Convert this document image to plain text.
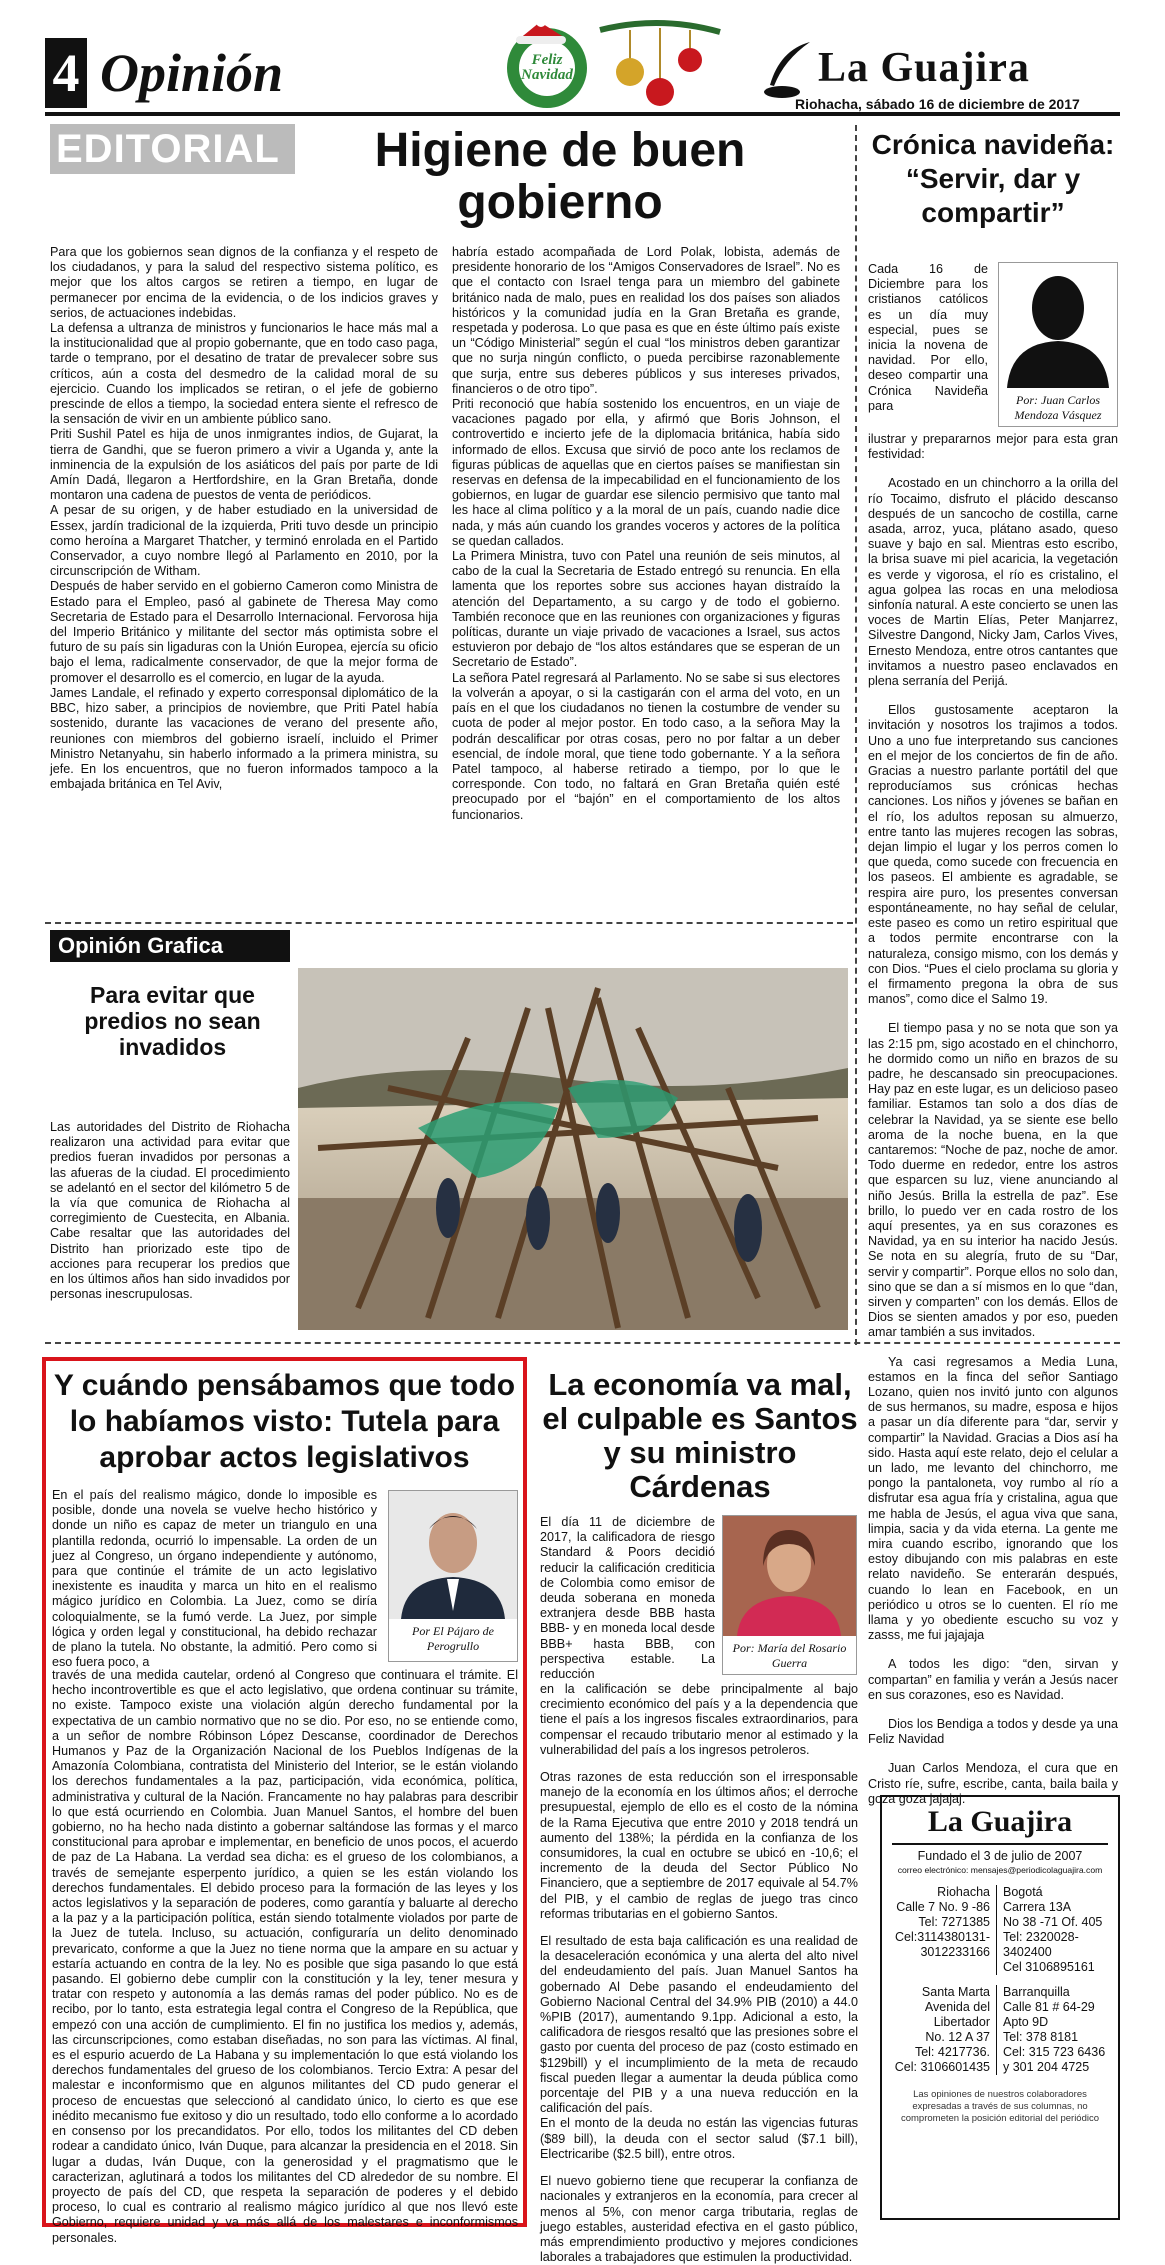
4 Opinión	Feliz Navidad	La Guajira
Riohacha, sábado 16 de diciembre de 2017
EDITORIAL	Higiene de buen gobierno

Para que los gobiernos sean dignos de la confianza y el respeto de los ciudadanos, y para la salud del respectivo sistema político, es mejor que los altos cargos se retiren a tiempo, en lugar de permanecer por encima de la evidencia, o de los indicios graves y serios, de actuaciones indebidas.

La defensa a ultranza de ministros y funcionarios le hace más mal a la institucionalidad que al propio gobernante, que en todo caso paga, tarde o temprano, por el desatino de tratar de prevalecer sobre sus críticos, aún a costa del desmedro de la calidad moral de su ejercicio. Cuando los implicados se retiran, o el jefe de gobierno prescinde de ellos a tiempo, la sociedad entera siente el refresco de la sensación de vivir en un ambiente público sano.

Priti Sushil Patel es hija de unos inmigrantes indios, de Gujarat, la tierra de Gandhi, que se fueron primero a vivir a Uganda y, ante la inminencia de la expulsión de los asiáticos del país por parte de Idi Amín Dadá, llegaron a Hertfordshire, en la Gran Bretaña, donde montaron una cadena de puestos de venta de periódicos.

A pesar de su origen, y de haber estudiado en la universidad de Essex, jardín tradicional de la izquierda, Priti tuvo desde un principio como heroína a Margaret Thatcher, y terminó enrolada en el Partido Conservador, a cuyo nombre llegó al Parlamento en 2010, por la circunscripción de Witham.

Después de haber servido en el gobierno Cameron como Ministra de Estado para el Empleo, pasó al gabinete de Theresa May como Secretaria de Estado para el Desarrollo Internacional. Fervorosa hija del Imperio Británico y militante del sector más optimista sobre el futuro de su país sin ligaduras con la Unión Europea, ejercía su oficio bajo el lema, radicalmente conservador, de que la mejor forma de promover el desarrollo es el comercio, en lugar de la ayuda.

James Landale, el refinado y experto corresponsal diplomático de la BBC, hizo saber, a principios de noviembre, que Priti Patel había sostenido, durante las vacaciones de verano del presente año, reuniones con miembros del gobierno israelí, incluido el Primer Ministro Netanyahu, sin haberlo informado a la primera ministra, su jefe. En los encuentros, que no fueron informados tampoco a la embajada británica en Tel Aviv,

habría estado acompañada de Lord Polak, lobista, además de presidente honorario de los “Amigos Conservadores de Israel”. No es que el contacto con Israel tenga para un miembro del gabinete británico nada de malo, pues en realidad los dos países son aliados históricos y la comunidad judía en la Gran Bretaña es grande, respetada y poderosa. Lo que pasa es que en éste último país existe un “Código Ministerial” según el cual “los ministros deben garantizar que no surja ningún conflicto, o pueda percibirse razonablemente que surja, entre sus deberes públicos y sus intereses privados, financieros o de otro tipo”.

Priti reconoció que había sostenido los encuentros, en un viaje de vacaciones pagado por ella, y afirmó que Boris Johnson, el controvertido e incierto jefe de la diplomacia británica, había sido informado de ellos. Excusa que sirvió de poco ante los reclamos de figuras públicas de aquellas que en ciertos países se manifiestan sin reservas en defensa de la impecabilidad en el funcionamiento de los gobiernos, en lugar de guardar ese silencio permisivo que tanto mal les hace al clima político y a la moral de un país, cuando nadie dice nada, y más aún cuando los grandes voceros y actores de la política se quedan callados.

La Primera Ministra, tuvo con Patel una reunión de seis minutos, al cabo de la cual la Secretaria de Estado entregó su renuncia. En ella lamenta que los reportes sobre sus acciones hayan distraído la atención del Departamento, a su cargo y de todo el gobierno. También reconoce que en las reuniones con organizaciones y figuras políticas, durante un viaje privado de vacaciones a Israel, sus actos estuvieron por debajo de “los altos estándares que se esperan de un Secretario de Estado”.

La señora Patel regresará al Parlamento. No se sabe si sus electores la volverán a apoyar, o si la castigarán con el arma del voto, en un país en el que los ciudadanos no tienen la costumbre de vender su cuota de poder al mejor postor. En todo caso, a la señora May la podrán descalificar por otras cosas, pero no por faltar a un deber esencial, de índole moral, que tiene todo gobernante. Y a la señora Patel tampoco, al haberse retirado a tiempo, por lo que le corresponde. Con todo, no faltará en Gran Bretaña quién esté preocupado por el “bajón” en el comportamiento de los altos funcionarios.

Crónica navideña: “Servir, dar y compartir”

Cada 16 de Diciembre para los cristianos católicos es un día muy especial, pues se inicia la novena de navidad. Por ello, deseo compartir una Crónica Navideña para	Por: Juan Carlos Mendoza Vásquez

ilustrar y prepararnos mejor para esta gran festividad:

Acostado en un chinchorro a la orilla del río Tocaimo, disfruto el plácido descanso después de un sancocho de costilla, carne asada, arroz, yuca, plátano asado, queso suave y bajo en sal. Mientras esto escribo, la brisa suave mi piel acaricia, la vegetación es verde y vigorosa, el río es cristalino, el agua golpea las rocas en una melodiosa sinfonía natural. A este concierto se unen las voces de Martin Elías, Peter Manjarrez, Silvestre Dangond, Nicky Jam, Carlos Vives, Ernesto Mendoza, entre otros cantantes que invitamos a nuestro paseo enclavados en plena serranía del Perijá.

Ellos gustosamente aceptaron la invitación y nosotros los trajimos a todos. Uno a uno fue interpretando sus canciones en el mejor de los conciertos de fin de año. Gracias a nuestro parlante portátil del que reproducíamos sus crónicas hechas canciones. Los niños y jóvenes se bañan en el río, los adultos reposan su almuerzo, entre tanto las mujeres recogen las sobras, dejan limpio el lugar y los perros comen lo que queda, como sucede con frecuencia en los paseos. El ambiente es agradable, se respira aire puro, los presentes conversan espontáneamente, no hay señal de celular, este paseo es como un retiro espiritual que a todos permite encontrarse con la naturaleza, consigo mismo, con los demás y con Dios. “Pues el cielo proclama su gloria y el firmamento pregona la obra de sus manos”, como dice el Salmo 19.

El tiempo pasa y no se nota que son ya las 2:15 pm, sigo acostado en el chinchorro, he dormido como un niño en brazos de su padre, he descansado sin preocupaciones. Hay paz en este lugar, es un delicioso paseo familiar. Estamos tan solo a dos días de celebrar la Navidad, ya se siente ese bello aroma de la noche buena, en la que cantaremos: “Noche de paz, noche de amor. Todo duerme en rededor, entre los astros que esparcen su luz, viene anunciando al niño Jesús. Brilla la estrella de paz”. Ese brillo, lo puedo ver en cada rostro de los aquí presentes, ya en sus corazones es Navidad, ya en su interior ha nacido Jesús. Se nota en su alegría, fruto de su “Dar, servir y compartir”. Porque ellos no solo dan, sino que se dan a sí mismos en lo que “dan, sirven y comparten” con los demás. Ellos de Dios se sienten amados y por eso, pueden amar también a sus invitados.

Ya casi regresamos a Media Luna, estamos en la finca del señor Santiago Lozano, quien nos invitó junto con algunos de sus hermanos, su madre, esposa e hijos a pasar un día diferente para “dar, servir y compartir” la Navidad. Gracias a Dios así ha sido. Hasta aquí este relato, dejo el celular a un lado, me levanto del chinchorro, me pongo la pantaloneta, voy rumbo al río a disfrutar esa agua fría y cristalina, agua que me habla de Jesús, el agua viva que sana, limpia, sacia y da vida eterna. La gente me mira cuando escribo, ignorando que los estoy dibujando con mis palabras en este relato navideño. Se enterarán después, cuando lo lean en Facebook, en un periódico u otros se lo cuenten. El río me llama y yo obediente escucho su voz y zasss, me fui jajajaja

A todos les digo: “den, sirvan y compartan” en familia y verán a Jesús nacer en sus corazones, eso es Navidad.

Dios los Bendiga a todos y desde ya una Feliz Navidad

Juan Carlos Mendoza, el cura que en Cristo ríe, sufre, escribe, canta, baila baila y goza goza jajajaj.

Opinión Grafica
Para evitar que predios no sean invadidos

Las autoridades del Distrito de Riohacha realizaron una actividad para evitar que predios fueran invadidos por personas a las afueras de la ciudad. El procedimiento se adelantó en el sector del kilómetro 5 de la vía que comunica de Riohacha al corregimiento de Cuestecita, en Albania. Cabe resaltar que las autoridades del Distrito han priorizado este tipo de acciones para recuperar los predios que en los últimos años han sido invadidos por personas inescrupulosas.

Y cuándo pensábamos que todo lo habíamos visto: Tutela para aprobar actos legislativos

En el país del realismo mágico, donde lo imposible es posible, donde una novela se vuelve hecho histórico y donde un niño es capaz de meter un triangulo en una plantilla redonda, ocurrió lo impensable. La orden de un juez al Congreso, un órgano independiente y autónomo, para que continúe el trámite de un acto legislativo inexistente es inaudita y marca un hito en el realismo mágico jurídico en Colombia. La Juez, como se diría coloquialmente, se la fumó verde. La Juez, por simple lógica y orden legal y constitucional, ha debido rechazar de plano la tutela. No obstante, la admitió. Pero como si eso fuera poco, a

Por El Pájaro de Perogrullo

través de una medida cautelar, ordenó al Congreso que continuara el trámite. El hecho incontrovertible es que el acto legislativo, que ordena continuar su trámite, no existe. Tampoco existe una violación algún derecho fundamental por la expectativa de un cambio normativo que no se dio. Por eso, no se entiende como, a un señor de nombre Róbinson López Descanse, coordinador de Derechos Humanos y Paz de la Organización Nacional de los Pueblos Indígenas de la Amazonía Colombiana, contratista del Ministerio del Interior, se le están violando los derechos fundamentales a la paz, participación, vida económica, política, administrativa y cultural de la Nación. Francamente no hay palabras para describir lo que está ocurriendo en Colombia. Juan Manuel Santos, el hombre del buen gobierno, no ha hecho nada distinto a gobernar saltándose las formas y el marco constitucional para aprobar e implementar, en beneficio de unos pocos, el acuerdo de paz de La Habana. La verdad sea dicha: es el grueso de los colombianos, a través de semejante esperpento jurídico, a quien se les están violando los derechos fundamentales. El debido proceso para la formación de las leyes y los actos legislativos y la separación de poderes, como garantía y baluarte al derecho a la paz y a la participación política, están siendo totalmente violados por parte de la Juez de tutela. Incluso, su actuación, configuraría un delito denominado prevaricato, conforme a que la Juez no tiene norma que la ampare en su actuar y estaría actuando en contra de la ley. No es posible que siga pasando lo que está pasando. El gobierno debe cumplir con la constitución y la ley, tener mesura y tratar con respeto y autonomía a las demás ramas del poder público. No es de recibo, por lo tanto, esta estrategia legal contra el Congreso de la República, que empezó con una acción de cumplimiento. El fin no justifica los medios y, además, las circunscripciones, como estaban diseñadas, no son para las víctimas. Al final, es el espurio acuerdo de La Habana y su implementación lo que está violando los derechos fundamentales del grueso de los colombianos. Tercio Extra: A pesar del malestar e inconformismo que en algunos militantes del CD pudo generar el proceso de encuestas que seleccionó al candidato único, lo cierto es que ese inédito mecanismo fue exitoso y dio un resultado, todo ello conforme a lo acordado en consenso por los precandidatos. Por ello, todos los militantes del CD deben rodear a candidato único, Iván Duque, para alcanzar la presidencia en el 2018. Sin lugar a dudas, Iván Duque, con la generosidad y el pragmatismo que le caracterizan, aglutinará a todos los militantes del CD alrededor de su nombre. El proyecto de país del CD, que respeta la separación de poderes y el debido proceso, lo cual es contrario al realismo mágico jurídico al que nos llevó este Gobierno, requiere unidad y va más allá de los malestares e inconformismos personales.

La economía va mal, el culpable es Santos y su ministro Cárdenas

El día 11 de diciembre de 2017, la calificadora de riesgo Standard & Poors decidió reducir la calificación crediticia de Colombia como emisor de deuda soberana en moneda extranjera desde BBB hasta BBB- y en moneda local desde BBB+ hasta BBB, con perspectiva estable. La reducción

Por: María del Rosario Guerra

en la calificación se debe principalmente al bajo crecimiento económico del país y a la dependencia que tiene el país a los ingresos fiscales extraordinarios, para compensar el recaudo tributario menor al estimado y la vulnerabilidad del país a los ingresos petroleros.

Otras razones de esta reducción son el irresponsable manejo de la economía en los últimos años; el derroche presupuestal, ejemplo de ello es el costo de la nómina de la Rama Ejecutiva que entre 2010 y 2018 tendrá un aumento del 138%; la pérdida en la confianza de los consumidores, la cual en octubre se ubicó en -10,6; el incremento de la deuda del Sector Público No Financiero, que a septiembre de 2017 equivale al 54.7% del PIB, y el cambio de reglas de juego tras cinco reformas tributarias en el gobierno Santos.

El resultado de esta baja calificación es una realidad de la desaceleración económica y una alerta del alto nivel del endeudamiento del país. Juan Manuel Santos ha gobernado Al Debe pasando el endeudamiento del Gobierno Nacional Central del 34.9% PIB (2010) a 44.0 %PIB (2017), aumentando 9.1pp. Adicional a esto, la calificadora de riesgos resaltó que las presiones sobre el gasto por cuenta del proceso de paz (costo estimado en $129bill) y el incumplimiento de la meta de recaudo fiscal pueden llegar a aumentar la deuda pública como porcentaje del PIB y a una nueva reducción en la calificación del país.

En el monto de la deuda no están las vigencias futuras ($89 bill), la deuda con el sector salud ($7.1 bill), Electricaribe ($2.5 bill), entre otros.

El nuevo gobierno tiene que recuperar la confianza de nacionales y extranjeros en la economía, para crecer al menos al 5%, con menor carga tributaria, reglas de juego estables, austeridad efectiva en el gasto público, más emprendimiento productivo y mejores condiciones laborales a trabajadores que estimulen la productividad.

La Guajira
Fundado el 3 de julio de 2007
correo electrónico: mensajes@periodicolaguajira.com
Riohacha
Calle 7 No. 9 -86
Tel: 7271385
Cel:3114380131-
3012233166
Bogotá
Carrera 13A
No 38 -71 Of. 405
Tel: 2320028-
3402400
Cel 3106895161
Santa Marta
Avenida del
Libertador
No. 12 A 37
Tel: 4217736.
Cel: 3106601435
Barranquilla
Calle 81 # 64-29
Apto 9D
Tel: 378 8181
Cel: 315 723 6436
y 301 204 4725
Las opiniones de nuestros colaboradores expresadas a través de sus columnas, no comprometen la posición editorial del periódico
